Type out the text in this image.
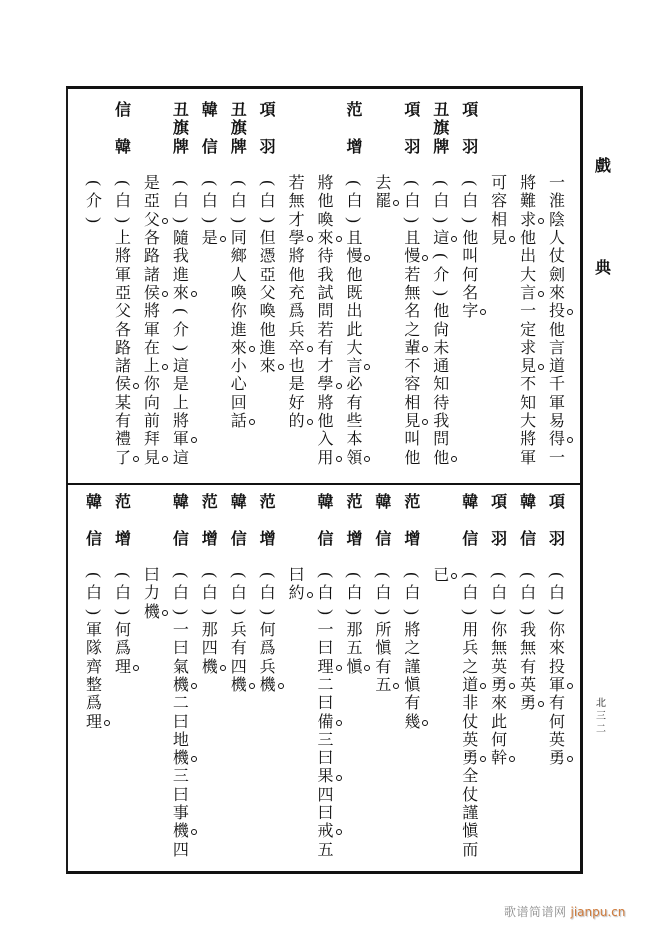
戲
典
北
三
二
一
淮
陰
人
仗
劍
來
投
他
言
道
千
軍
易
得
一
將
難
求
他
出
大
言
一
定
求
見
不
知
大
將
軍
可
容
相
見
項
羽
(
白
)
他
叫
何
名
字
丑
旗
牌
(
白
)
這
(
介
)
他
尙
未
通
知
待
我
問
他
項
羽
(
白
)
且
慢
若
無
名
之
輩
不
容
相
見
叫
他
去
罷
范
增
(
白
)
且
慢
他
既
出
此
大
言
必
有
些
本
領
將
他
喚
來
待
我
試
問
若
有
才
學
將
他
入
用
若
無
才
學
將
他
充
爲
兵
卒
也
是
好
的
項
羽
(
白
)
但
憑
亞
父
喚
他
進
來
丑
旗
牌
(
白
)
同
鄉
人
喚
你
進
來
小
心
回
話
韓
信
(
白
)
是
丑
旗
牌
(
白
)
隨
我
進
來
(
介
)
這
是
上
將
軍
這
是
亞
父
各
路
諸
侯
將
軍
在
上
你
向
前
拜
見
信
韓
(
白
)
上
將
軍
亞
父
各
路
諸
侯
某
有
禮
了
(
介
)
項
羽
(
白
)
你
來
投
軍
有
何
英
勇
韓
信
(
白
)
我
無
有
英
勇
項
羽
(
白
)
你
無
英
勇
來
此
何
幹
韓
信
(
白
)
用
兵
之
道
非
仗
英
勇
全
仗
謹
愼
而
已
范
增
(
白
)
將
之
謹
愼
有
幾
韓
信
(
白
)
所
愼
有
五
范
增
(
白
)
那
五
愼
韓
信
(
白
)
一
曰
理
二
曰
備
三
曰
果
四
曰
戒
五
曰
約
范
增
(
白
)
何
爲
兵
機
韓
信
(
白
)
兵
有
四
機
范
增
(
白
)
那
四
機
韓
信
(
白
)
一
曰
氣
機
二
曰
地
機
三
曰
事
機
四
曰
力
機
范
增
(
白
)
何
爲
理
韓
信
(
白
)
軍
隊
齊
整
爲
理
歌谱简谱网 jianpu.cn
